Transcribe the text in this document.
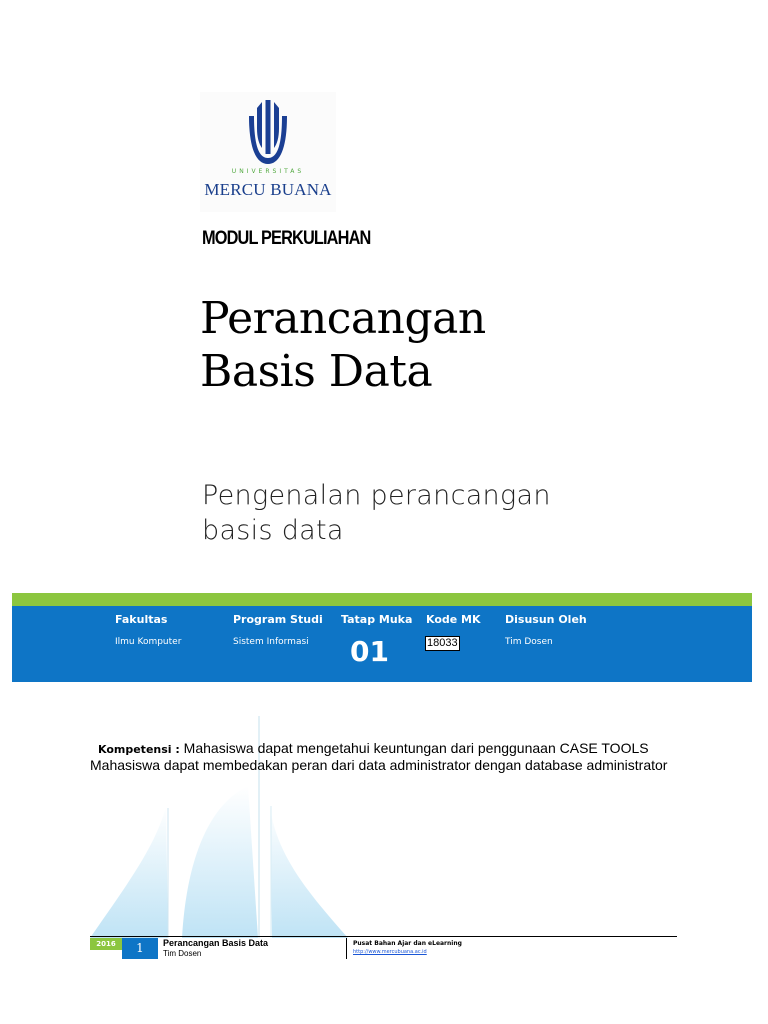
UNIVERSITAS
MERCU BUANA
MODUL PERKULIAHAN
Perancangan
Basis Data
Pengenalan perancangan
basis data
Fakultas
Ilmu Komputer
Program Studi
Sistem Informasi
Tatap Muka
01
Kode MK
18033
Disusun Oleh
Tim Dosen
Kompetensi : Mahasiswa dapat mengetahui keuntungan dari penggunaan CASE TOOLS
Mahasiswa dapat membedakan peran dari data administrator dengan database administrator
2016	1	Perancangan Basis Data
Tim Dosen
Pusat Bahan Ajar dan eLearning
http://www.mercubuana.ac.id
